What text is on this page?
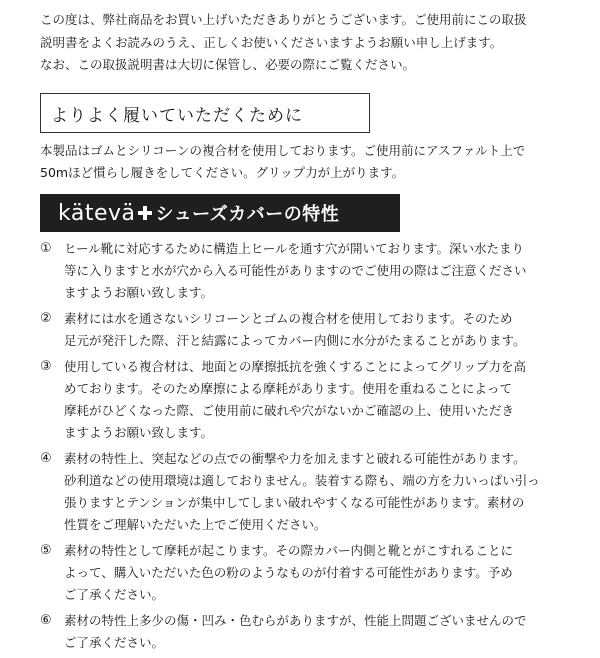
この度は、弊社商品をお買い上げいただきありがとうございます。ご使用前にこの取扱

説明書をよくお読みのうえ、正しくお使いくださいますようお願い申し上げます。

なお、この取扱説明書は大切に保管し、必要の際にご覧ください。

よりよく履いていただくために

本製品はゴムとシリコーンの複合材を使用しております。ご使用前にアスファルト上で

50mほど慣らし履きをしてください。グリップ力が上がります。

kätevä シューズカバーの特性
① ヒール靴に対応するために構造上ヒールを通す穴が開いております。深い水たまり

等に入りますと水が穴から入る可能性がありますのでご使用の際はご注意ください

ますようお願い致します。

② 素材には水を通さないシリコーンとゴムの複合材を使用しております。そのため

足元が発汗した際、汗と結露によってカバー内側に水分がたまることがあります。

③ 使用している複合材は、地面との摩擦抵抗を強くすることによってグリップ力を高

めております。そのため摩擦による摩耗があります。使用を重ねることによって

摩耗がひどくなった際、ご使用前に破れや穴がないかご確認の上、使用いただき

ますようお願い致します。

④ 素材の特性上、突起などの点での衝撃や力を加えますと破れる可能性があります。

砂利道などの使用環境は適しておりません。装着する際も、端の方を力いっぱい引っ

張りますとテンションが集中してしまい破れやすくなる可能性があります。素材の

性質をご理解いただいた上でご使用ください。

⑤ 素材の特性として摩耗が起こります。その際カバー内側と靴とがこすれることに

よって、購入いただいた色の粉のようなものが付着する可能性があります。予め

ご了承ください。

⑥ 素材の特性上多少の傷・凹み・色むらがありますが、性能上問題ございませんので

ご了承ください。
